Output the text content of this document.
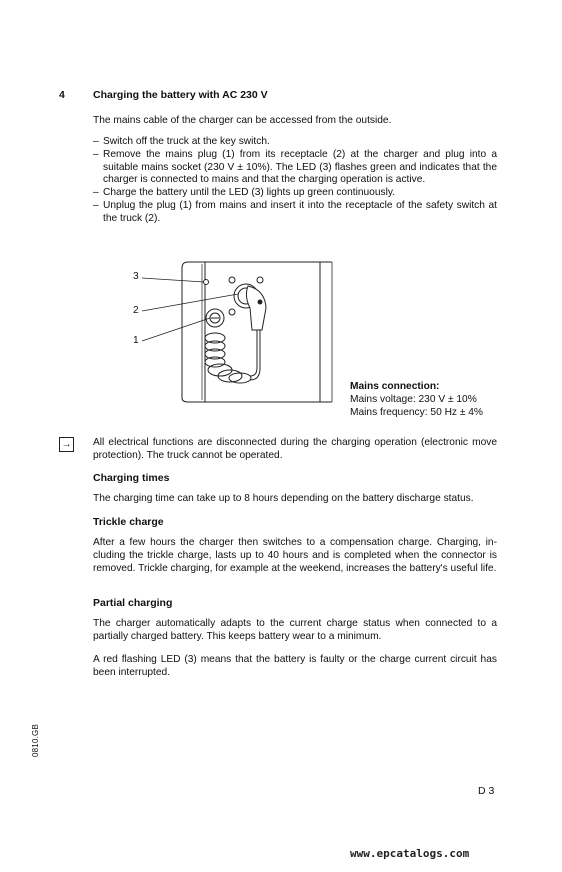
4	Charging the battery with AC 230 V
The mains cable of the charger can be accessed from the outside.
– Switch off the truck at the key switch.
– Remove the mains plug (1) from its receptacle (2) at the charger and plug into a suitable mains socket (230 V ± 10%). The LED (3) flashes green and indicates that the charger is connected to mains and that the charging operation is active.
– Charge the battery until the LED (3) lights up green continuously.
– Unplug the plug (1) from mains and insert it into the receptacle of the safety switch at the truck (2).
3
2
1
Mains connection:
Mains voltage: 230 V ± 10%
Mains frequency: 50 Hz ± 4%
→ All electrical functions are disconnected during the charging operation (electronic move protection). The truck cannot be operated.
Charging times
The charging time can take up to 8 hours depending on the battery discharge status.
Trickle charge
After a few hours the charger then switches to a compensation charge. Charging, in-cluding the trickle charge, lasts up to 40 hours and is completed when the connector is removed. Trickle charging, for example at the weekend, increases the battery's useful life.
Partial charging
The charger automatically adapts to the current charge status when connected to a partially charged battery. This keeps battery wear to a minimum.
A red flashing LED (3) means that the battery is faulty or the charge current circuit has been interrupted.
0810.GB
D 3
www.epcatalogs.com
